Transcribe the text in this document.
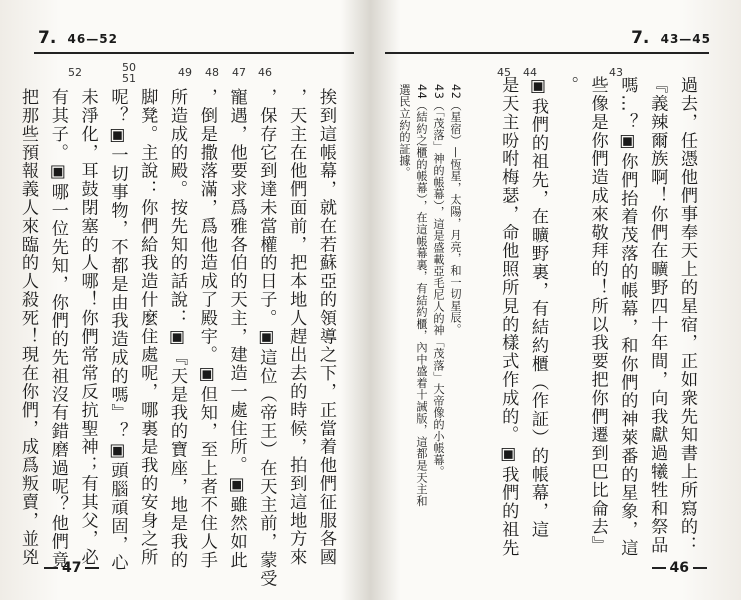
7. 46—52
52	50 51	49 48 47 46
挨到這帳幕，就在若蘇亞的領導之下，正當着他們征服各國
，天主在他們面前，把本地人趕出去的時候，拍到這地方來
，保存它到達未當權的日子。▣這位（帝王）在天主前，蒙受
寵遇，他要求爲雅各伯的天主，建造一處住所。▣雖然如此
，倒是撒落滿，爲他造成了殿宇。▣但知，至上者不住人手
所造成的殿。按先知的話說：▣『天是我的寶座，地是我的
脚凳。主說：你們給我造什麼住處呢，哪裏是我的安身之所
呢？▣一切事物，不都是由我造成的嗎』？▣頭腦頑固，心
未淨化，耳鼓閉塞的人哪！你們常常反抗聖神；有其父，必
有其子。▣哪一位先知，你們的先祖沒有錯磨過呢？他們竟
把那些預報義人來臨的人殺死！現在你們，成爲叛賣，並兇
47
7. 43—45
45 44	43
42（星宿）—恆星，太陽，月亮，和一切星辰。
43（「茂落」神的帳幕），這是盛載亞毛尼人的神「茂落」大帝像的小帳幕。
44（結約之櫃的帳幕），在這帳幕裏，有結約櫃，內中盛着十誡版，這都是天主和
選民立約的証據。	過去，任憑他們事奉天上的星宿，正如衆先知書上所寫的：
『義辣爾族啊！你們在曠野四十年間，向我獻過犧牲和祭品
嗎…？▣你們抬着茂落的帳幕，和你們的神萊番的星象，這
些像是你們造成來敬拜的！所以我要把你們遷到巴比侖去』
。
▣我們的祖先，在曠野裏，有結約櫃（作証）的帳幕，這
是天主吩咐梅瑟，命他照所見的樣式作成的。▣我們的祖先
46
